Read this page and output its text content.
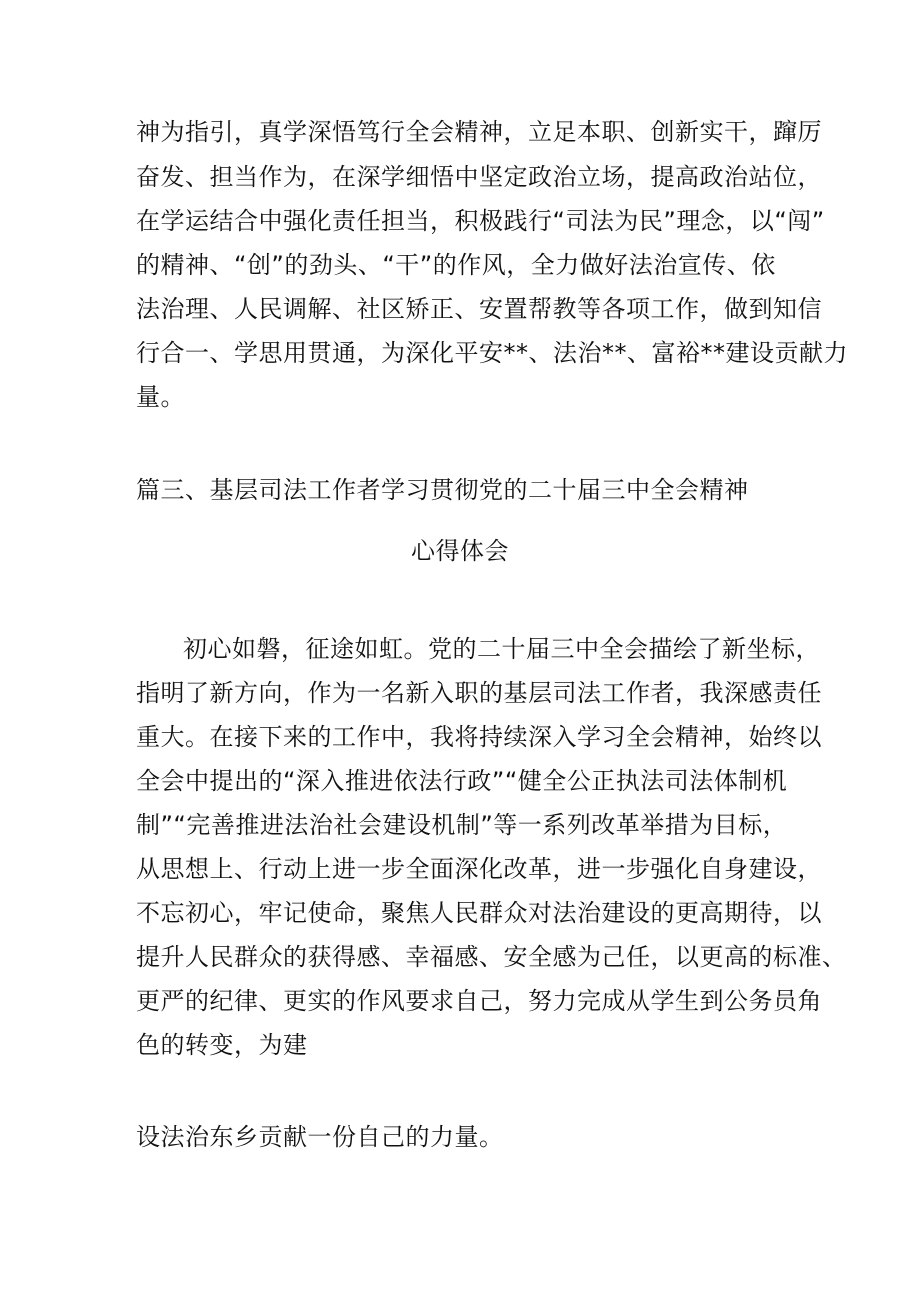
神为指引，真学深悟笃行全会精神，立足本职、创新实干，蹿厉
奋发、担当作为，在深学细悟中坚定政治立场，提高政治站位，
在学运结合中强化责任担当，积极践行“司法为民”理念，以“闯”
的精神、“创”的劲头、“干”的作风，全力做好法治宣传、依
法治理、人民调解、社区矫正、安置帮教等各项工作，做到知信
行合一、学思用贯通，为深化平安**、法治**、富裕**建设贡献力
量。
篇三、基层司法工作者学习贯彻党的二十届三中全会精神
心得体会
初心如磐，征途如虹。党的二十届三中全会描绘了新坐标，
指明了新方向，作为一名新入职的基层司法工作者，我深感责任
重大。在接下来的工作中，我将持续深入学习全会精神，始终以
全会中提出的“深入推进依法行政”“健全公正执法司法体制机
制”“完善推进法治社会建设机制”等一系列改革举措为目标，
从思想上、行动上进一步全面深化改革，进一步强化自身建设，
不忘初心，牢记使命，聚焦人民群众对法治建设的更高期待，以
提升人民群众的获得感、幸福感、安全感为己任，以更高的标准、
更严的纪律、更实的作风要求自己，努力完成从学生到公务员角
色的转变，为建
设法治东乡贡献一份自己的力量。
